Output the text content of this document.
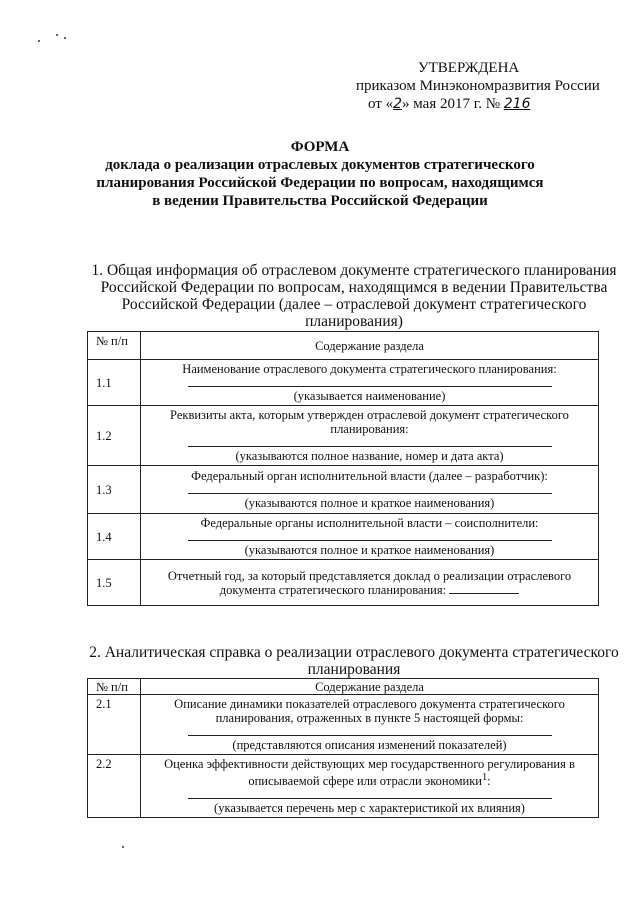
УТВЕРЖДЕНА
приказом Минэкономразвития России
от «2» мая 2017 г. № 216
ФОРМА
доклада о реализации отраслевых документов стратегического
планирования Российской Федерации по вопросам, находящимся
в ведении Правительства Российской Федерации
1. Общая информация об отраслевом документе стратегического планирования
Российской Федерации по вопросам, находящимся в ведении Правительства
Российской Федерации (далее – отраслевой документ стратегического
планирования)
№ п/п	Содержание раздела
1.1	Наименование отраслевого документа стратегического планирования:
(указывается наименование)

1.2	Реквизиты акта, которым утвержден отраслевой документ стратегического планирования:
(указываются полное название, номер и дата акта)

1.3	Федеральный орган исполнительной власти (далее – разработчик):
(указываются полное и краткое наименования)

1.4	Федеральные органы исполнительной власти – соисполнители:
(указываются полное и краткое наименования)

1.5	Отчетный год, за который представляется доклад о реализации отраслевого документа стратегического планирования:
2. Аналитическая справка о реализации отраслевого документа стратегического
планирования
№ п/п	Содержание раздела
2.1	Описание динамики показателей отраслевого документа стратегического планирования, отраженных в пункте 5 настоящей формы:
(представляются описания изменений показателей)

2.2	Оценка эффективности действующих мер государственного регулирования в описываемой сфере или отрасли экономики$^1$:
(указывается перечень мер с характеристикой их влияния)
